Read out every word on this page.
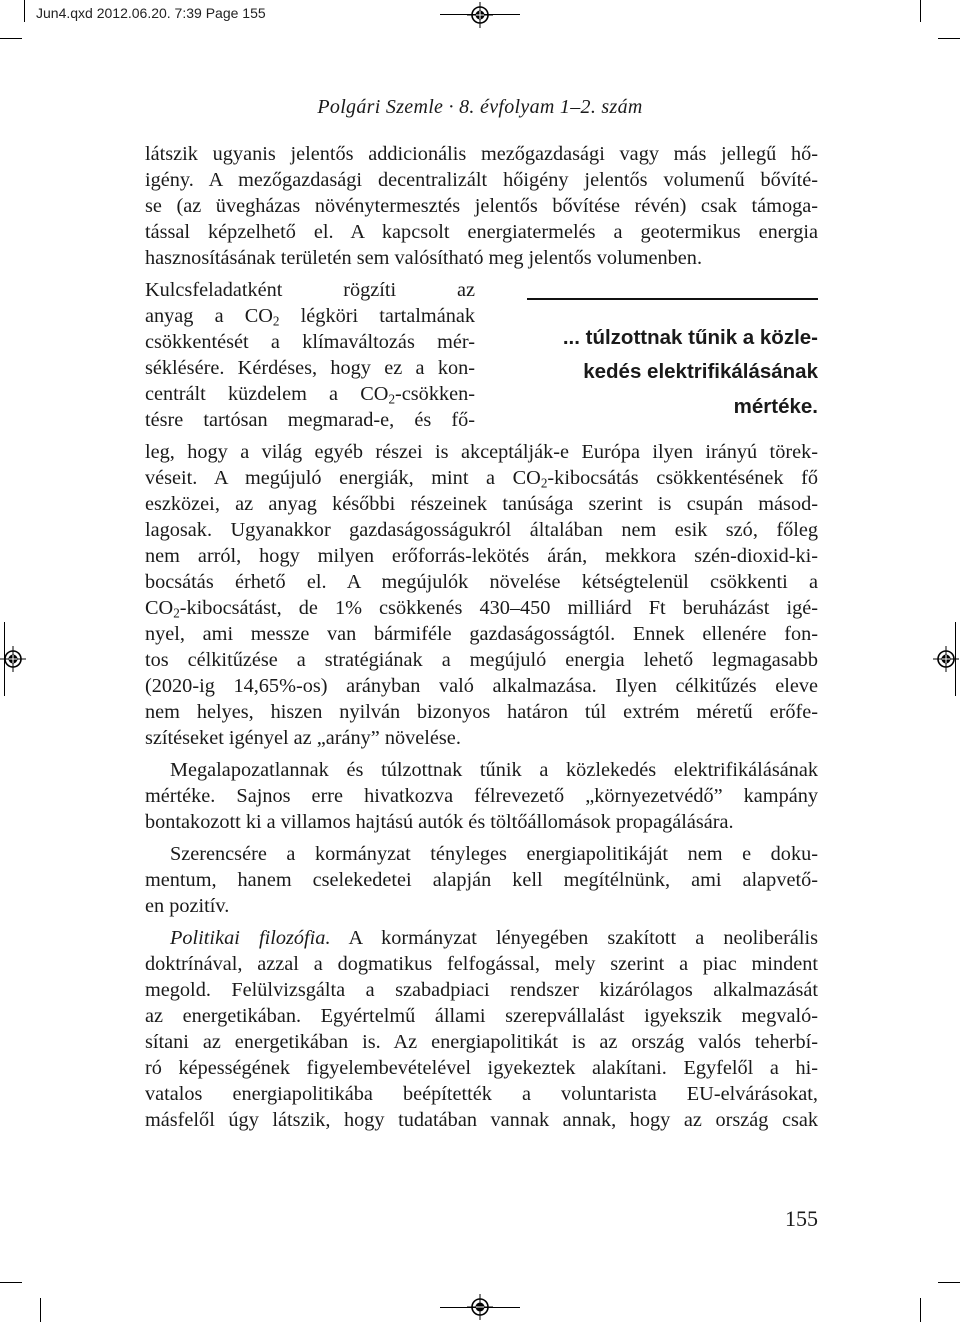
Jun4.qxd 2012.06.20. 7:39 Page 155
Polgári Szemle · 8. évfolyam 1–2. szám

látszik ugyanis jelentős addicionális mezőgazdasági vagy más jellegű hő-

igény. A mezőgazdasági decentralizált hőigény jelentős volumenű bővíté-

se (az üvegházas növénytermesztés jelentős bővítése révén) csak támoga-

tással képzelhető el. A kapcsolt energiatermelés a geotermikus energia

hasznosításának területén sem valósítható meg jelentős volumenben.

Kulcsfeladatként rögzíti az

anyag a $CO_2$ légköri tartalmának

csökkentését a klímaváltozás mér-

séklésére. Kérdéses, hogy ez a kon-

centrált küzdelem a $CO_2-csökken-$

tésre tartósan megmarad-e, és fő-

... túlzottnak tűnik a közle-
kedés elektrifikálásának
mértéke.

leg, hogy a világ egyéb részei is akceptálják-e Európa ilyen irányú törek-

véseit. A megújuló energiák, mint a $CO_2$-kibocsátás csökkentésének fő

eszközei, az anyag későbbi részeinek tanúsága szerint is csupán másod-

lagosak. Ugyanakkor gazdaságosságukról általában nem esik szó, főleg

nem arról, hogy milyen erőforrás-lekötés árán, mekkora szén-dioxid-ki-

bocsátás érhető el. A megújulók növelése kétségtelenül csökkenti a

$CO_2$-kibocsátást, de 1% csökkenés 430–450 milliárd Ft beruházást igé-

nyel, ami messze van bármiféle gazdaságosságtól. Ennek ellenére fon-

tos célkitűzése a stratégiának a megújuló energia lehető legmagasabb

(2020-ig 14,65%-os) arányban való alkalmazása. Ilyen célkitűzés eleve

nem helyes, hiszen nyilván bizonyos határon túl extrém méretű erőfe-

szítéseket igényel az „arány” növelése.

Megalapozatlannak és túlzottnak tűnik a közlekedés elektrifikálásának

mértéke. Sajnos erre hivatkozva félrevezető „környezetvédő” kampány

bontakozott ki a villamos hajtású autók és töltőállomások propagálására.

Szerencsére a kormányzat tényleges energiapolitikáját nem e doku-

mentum, hanem cselekedetei alapján kell megítélnünk, ami alapvető-

en pozitív.

Politikai filozófia. A kormányzat lényegében szakított a neoliberális

doktrínával, azzal a dogmatikus felfogással, mely szerint a piac mindent

megold. Felülvizsgálta a szabadpiaci rendszer kizárólagos alkalmazását

az energetikában. Egyértelmű állami szerepvállalást igyekszik megvaló-

sítani az energetikában is. Az energiapolitikát is az ország valós teherbí-

ró képességének figyelembevételével igyekeztek alakítani. Egyfelől a hi-

vatalos energiapolitikába beépítették a voluntarista EU-elvárásokat,

másfelől úgy látszik, hogy tudatában vannak annak, hogy az ország csak

155
